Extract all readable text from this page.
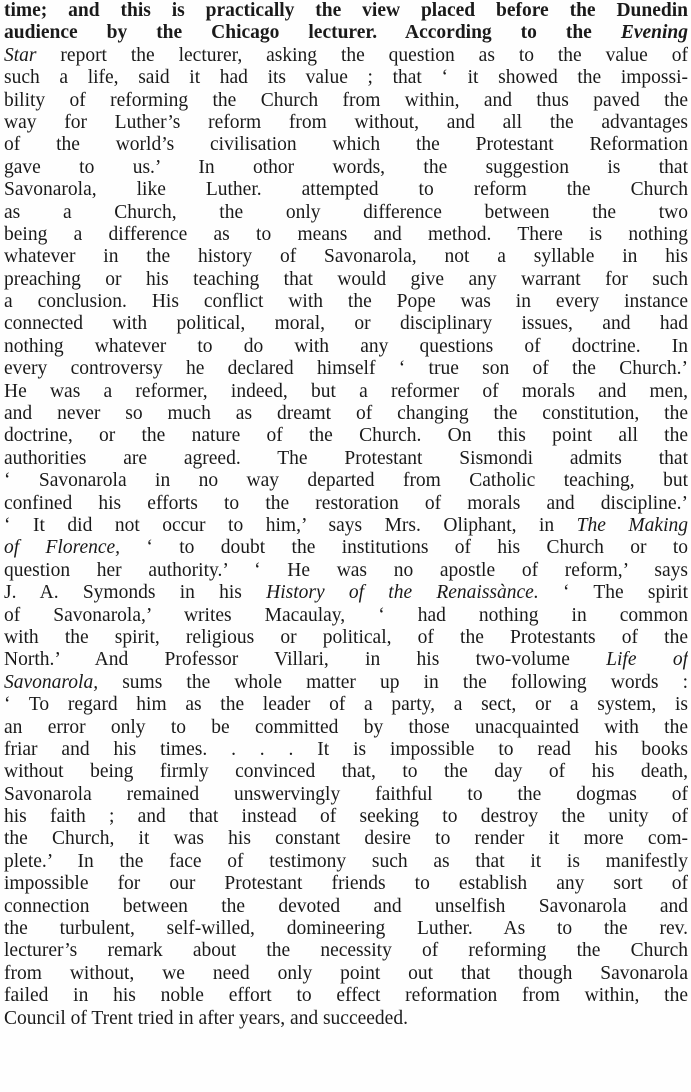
time; and this is practically the view placed before the Dunedin
audience by the Chicago lecturer. According to the Evening
Star report the lecturer, asking the question as to the value of
such a life, said it had its value ; that ‘ it showed the impossi-
bility of reforming the Church from within, and thus paved the
way for Luther’s reform from without, and all the advantages
of the world’s civilisation which the Protestant Reformation
gave to us.’ In othor words, the suggestion is that
Savonarola, like Luther. attempted to reform the Church
as a Church, the only difference between the two
being a difference as to means and method. There is nothing
whatever in the history of Savonarola, not a syllable in his
preaching or his teaching that would give any warrant for such
a conclusion. His conflict with the Pope was in every instance
connected with political, moral, or disciplinary issues, and had
nothing whatever to do with any questions of doctrine. In
every controversy he declared himself ‘ true son of the Church.’
He was a reformer, indeed, but a reformer of morals and men,
and never so much as dreamt of changing the constitution, the
doctrine, or the nature of the Church. On this point all the
authorities are agreed. The Protestant Sismondi admits that
‘ Savonarola in no way departed from Catholic teaching, but
confined his efforts to the restoration of morals and discipline.’
‘ It did not occur to him,’ says Mrs. Oliphant, in The Making
of Florence, ‘ to doubt the institutions of his Church or to
question her authority.’ ‘ He was no apostle of reform,’ says
J. A. Symonds in his History of the Renaissànce. ‘ The spirit
of Savonarola,’ writes Macaulay, ‘ had nothing in common
with the spirit, religious or political, of the Protestants of the
North.’ And Professor Villari, in his two-volume Life of
Savonarola, sums the whole matter up in the following words :
‘ To regard him as the leader of a party, a sect, or a system, is
an error only to be committed by those unacquainted with the
friar and his times. . . . It is impossible to read his books
without being firmly convinced that, to the day of his death,
Savonarola remained unswervingly faithful to the dogmas of
his faith ; and that instead of seeking to destroy the unity of
the Church, it was his constant desire to render it more com-
plete.’ In the face of testimony such as that it is manifestly
impossible for our Protestant friends to establish any sort of
connection between the devoted and unselfish Savonarola and
the turbulent, self-willed, domineering Luther. As to the rev.
lecturer’s remark about the necessity of reforming the Church
from without, we need only point out that though Savonarola
failed in his noble effort to effect reformation from within, the
Council of Trent tried in after years, and succeeded.
